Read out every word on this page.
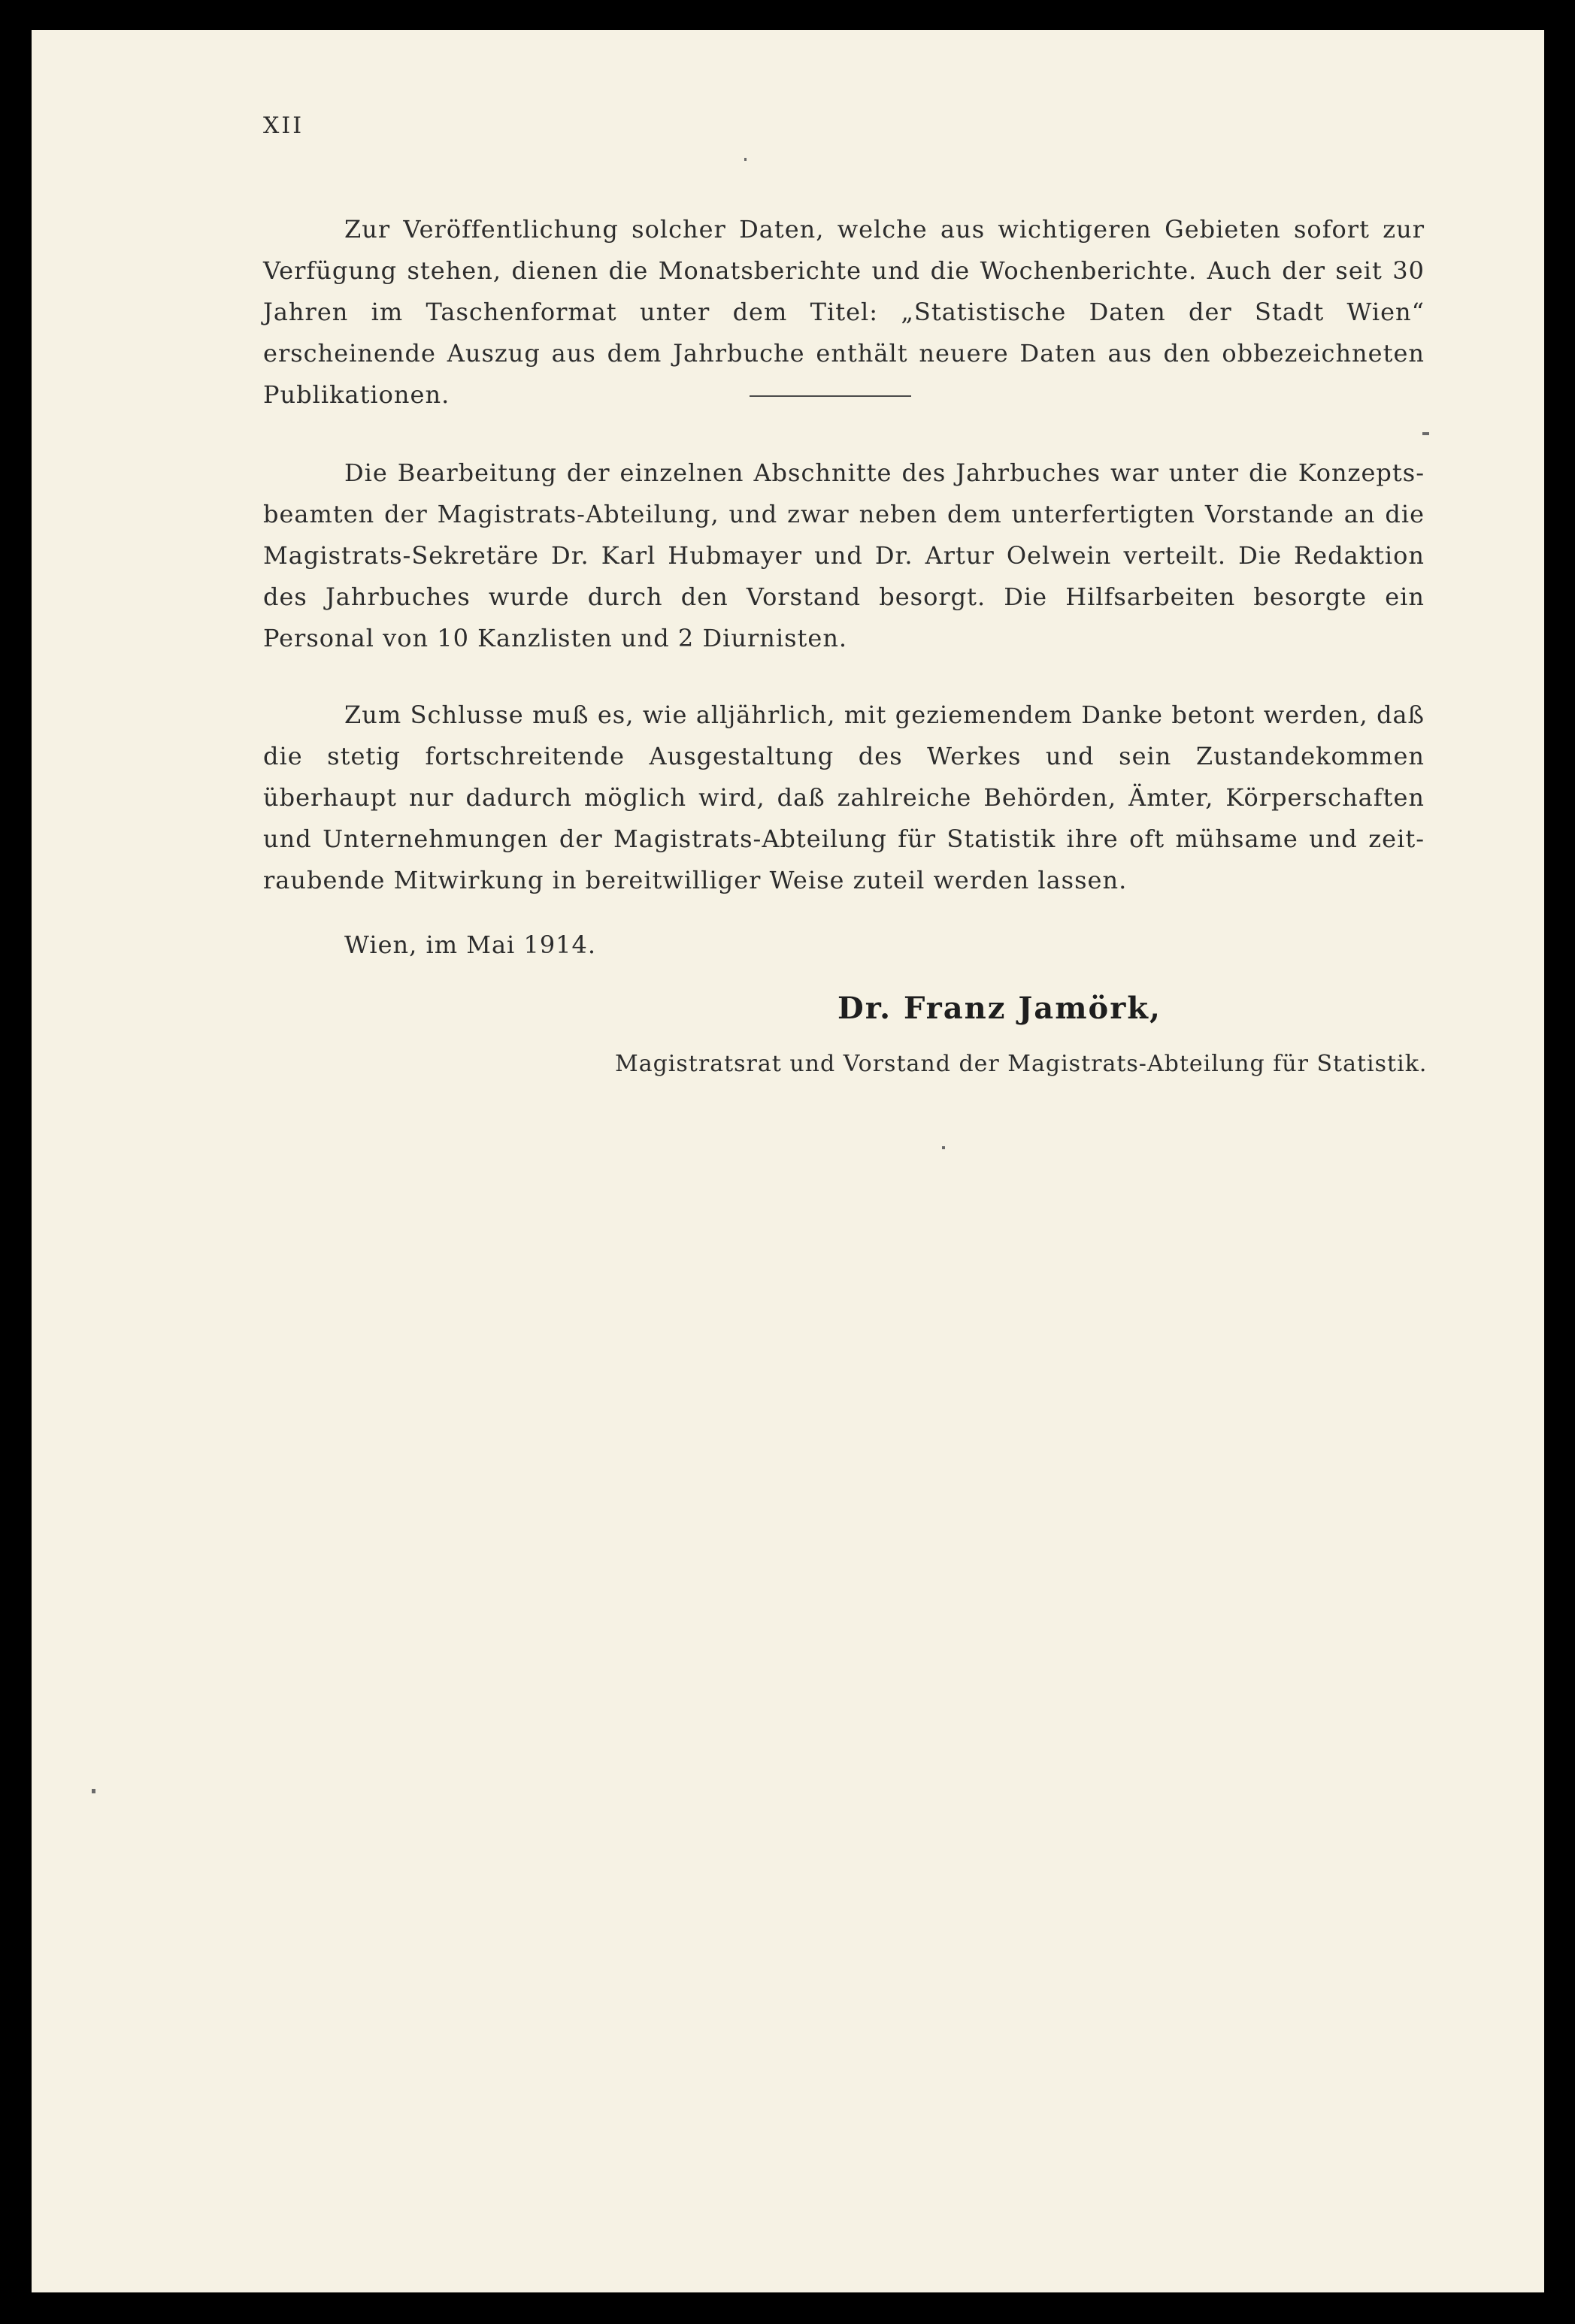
XII
Zur Veröffentlichung solcher Daten, welche aus wichtigeren Gebieten sofort zur Verfügung stehen, dienen die Monatsberichte und die Wochenberichte. Auch der seit 30 Jahren im Taschenformat unter dem Titel: „Statistische Daten der Stadt Wien“ erscheinende Auszug aus dem Jahrbuche enthält neuere Daten aus den obbezeichneten Publikationen.
Die Bearbeitung der einzelnen Abschnitte des Jahrbuches war unter die Konzepts-beamten der Magistrats-Abteilung, und zwar neben dem unterfertigten Vorstande an die Magistrats-Sekretäre Dr. Karl Hubmayer und Dr. Artur Oelwein verteilt. Die Redaktion des Jahrbuches wurde durch den Vorstand besorgt. Die Hilfsarbeiten besorgte ein Personal von 10 Kanzlisten und 2 Diurnisten.
Zum Schlusse muß es, wie alljährlich, mit geziemendem Danke betont werden, daß die stetig fortschreitende Ausgestaltung des Werkes und sein Zustandekommen überhaupt nur dadurch möglich wird, daß zahlreiche Behörden, Ämter, Körperschaften und Unternehmungen der Magistrats-Abteilung für Statistik ihre oft mühsame und zeit-raubende Mitwirkung in bereitwilliger Weise zuteil werden lassen.
Wien, im Mai 1914.
Dr. Franz Jamörk,
Magistratsrat und Vorstand der Magistrats-Abteilung für Statistik.
